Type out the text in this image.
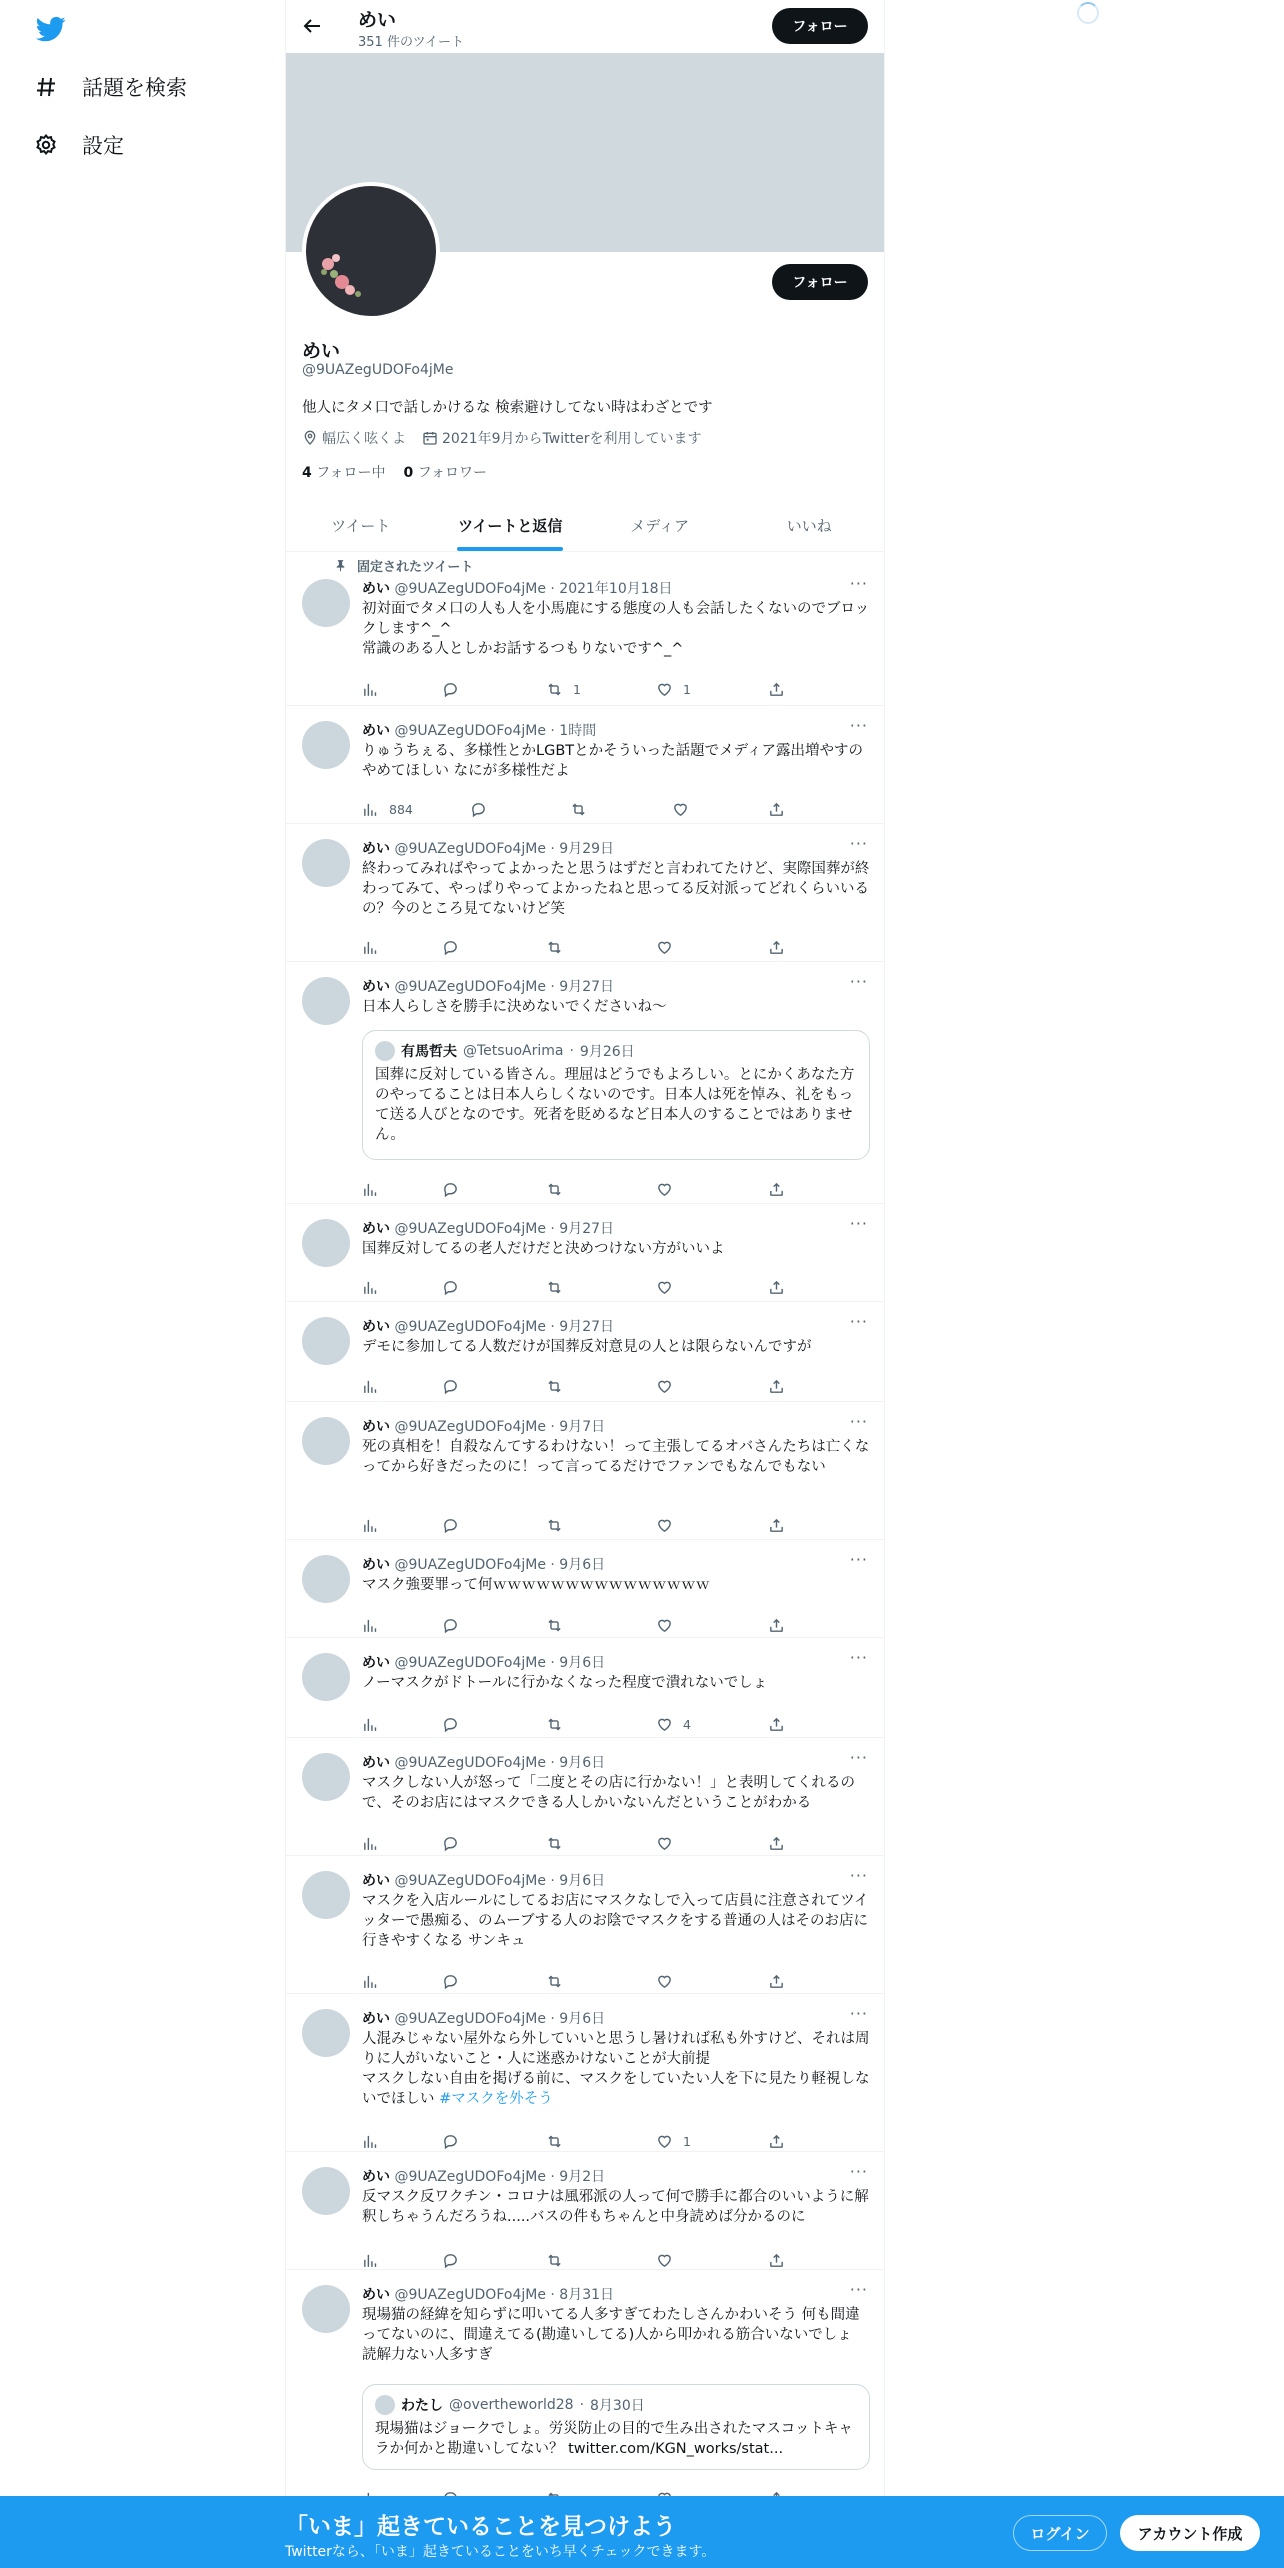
話題を検索
設定
めい
351 件のツイート
フォロー
フォロー
めい
@9UAZegUDOFo4jMe
他人にタメ口で話しかけるな 検索避けしてない時はわざとです
幅広く呟くよ	2021年9月からTwitterを利用しています
4 フォロー中 0 フォロワー
ツイート	ツイートと返信	メディア	いいね
固定されたツイート
めい @9UAZegUDOFo4jMe · 2021年10月18日	···
初対面でタメ口の人も人を小馬鹿にする態度の人も会話したくないのでブロックします^_^
常識のある人としかお話するつもりないです^_^
1	1
めい @9UAZegUDOFo4jMe · 1時間	···
りゅうちぇる、多様性とかLGBTとかそういった話題でメディア露出増やすのやめてほしい なにが多様性だよ
884
めい @9UAZegUDOFo4jMe · 9月29日	···
終わってみればやってよかったと思うはずだと言われてたけど、実際国葬が終わってみて、やっぱりやってよかったねと思ってる反対派ってどれくらいいるの？今のところ見てないけど笑
めい @9UAZegUDOFo4jMe · 9月27日	···
日本人らしさを勝手に決めないでくださいね〜
有馬哲夫 @TetsuoArima · 9月26日
国葬に反対している皆さん。理屈はどうでもよろしい。とにかくあなた方のやってることは日本人らしくないのです。日本人は死を悼み、礼をもって送る人びとなのです。死者を貶めるなど日本人のすることではありません。
めい @9UAZegUDOFo4jMe · 9月27日	···
国葬反対してるの老人だけだと決めつけない方がいいよ
めい @9UAZegUDOFo4jMe · 9月27日	···
デモに参加してる人数だけが国葬反対意見の人とは限らないんですが
めい @9UAZegUDOFo4jMe · 9月7日	···
死の真相を！自殺なんてするわけない！って主張してるオバさんたちは亡くなってから好きだったのに！って言ってるだけでファンでもなんでもない
めい @9UAZegUDOFo4jMe · 9月6日	···
マスク強要罪って何ｗｗｗｗｗｗｗｗｗｗｗｗｗｗｗ
めい @9UAZegUDOFo4jMe · 9月6日	···
ノーマスクがドトールに行かなくなった程度で潰れないでしょ
4
めい @9UAZegUDOFo4jMe · 9月6日	···
マスクしない人が怒って「二度とその店に行かない！」と表明してくれるので、そのお店にはマスクできる人しかいないんだということがわかる
めい @9UAZegUDOFo4jMe · 9月6日	···
マスクを入店ルールにしてるお店にマスクなしで入って店員に注意されてツイッターで愚痴る、のムーブする人のお陰でマスクをする普通の人はそのお店に行きやすくなる サンキュ
めい @9UAZegUDOFo4jMe · 9月6日	···
人混みじゃない屋外なら外していいと思うし暑ければ私も外すけど、それは周りに人がいないこと・人に迷惑かけないことが大前提
マスクしない自由を掲げる前に、マスクをしていたい人を下に見たり軽視しないでほしい #マスクを外そう
1
めい @9UAZegUDOFo4jMe · 9月2日	···
反マスク反ワクチン・コロナは風邪派の人って何で勝手に都合のいいように解釈しちゃうんだろうね.....バスの件もちゃんと中身読めば分かるのに
めい @9UAZegUDOFo4jMe · 8月31日	···
現場猫の経緯を知らずに叩いてる人多すぎてわたしさんかわいそう 何も間違ってないのに、間違えてる(勘違いしてる)人から叩かれる筋合いないでしょ 読解力ない人多すぎ
わたし @overtheworld28 · 8月30日
現場猫はジョークでしょ。労災防止の目的で生み出されたマスコットキャラか何かと勘違いしてない？ twitter.com/KGN_works/stat...
「いま」起きていることを見つけよう
Twitterなら、「いま」起きていることをいち早くチェックできます。
ログイン	アカウント作成
